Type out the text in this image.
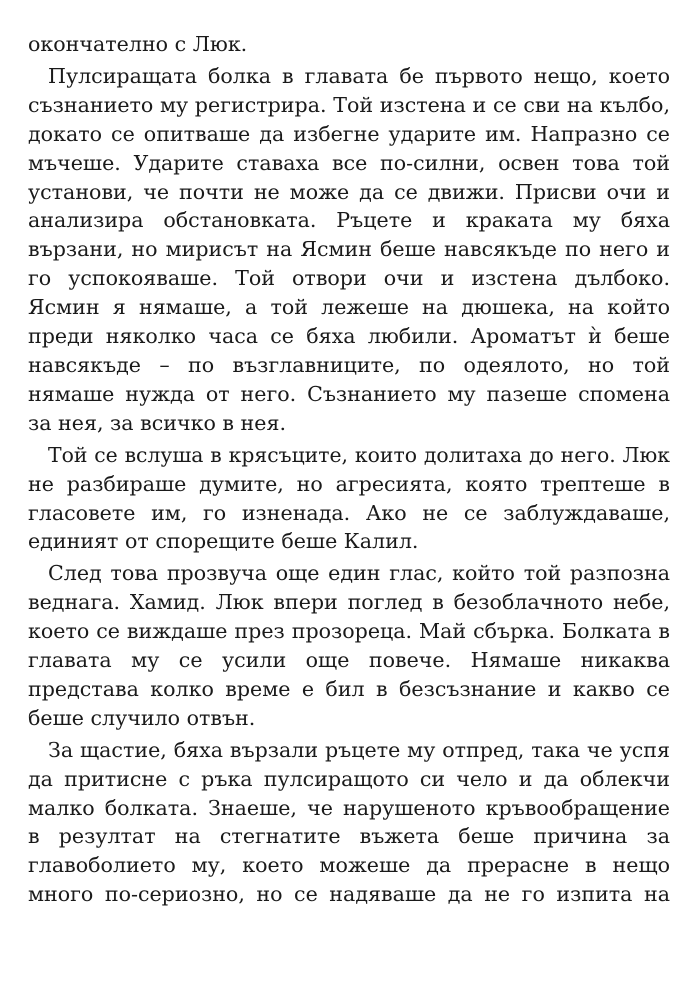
окончателно с Люк.
Пулсиращата болка в главата бе първото нещо, което
съзнанието му регистрира. Той изстена и се сви на кълбо,
докато се опитваше да избегне ударите им. Напразно се
мъчеше. Ударите ставаха все по-силни, освен това той
установи, че почти не може да се движи. Присви очи и
анализира обстановката. Ръцете и краката му бяха
вързани, но мирисът на Ясмин беше навсякъде по него и
го успокояваше. Той отвори очи и изстена дълбоко.
Ясмин я нямаше, а той лежеше на дюшека, на който
преди няколко часа се бяха любили. Ароматът ѝ беше
навсякъде – по възглавниците, по одеялото, но той
нямаше нужда от него. Съзнанието му пазеше спомена
за нея, за всичко в нея.
Той се вслуша в крясъците, които долитаха до него. Люк
не разбираше думите, но агресията, която трептеше в
гласовете им, го изненада. Ако не се заблуждаваше,
единият от спорещите беше Калил.
След това прозвуча още един глас, който той разпозна
веднага. Хамид. Люк впери поглед в безоблачното небе,
което се виждаше през прозореца. Май сбърка. Болката в
главата му се усили още повече. Нямаше никаква
представа колко време е бил в безсъзнание и какво се
беше случило отвън.
За щастие, бяха вързали ръцете му отпред, така че успя
да притисне с ръка пулсиращото си чело и да облекчи
малко болката. Знаеше, че нарушеното кръвообращение
в резултат на стегнатите въжета беше причина за
главоболието му, което можеше да прерасне в нещо
много по-сериозно, но се надяваше да не го изпита на
